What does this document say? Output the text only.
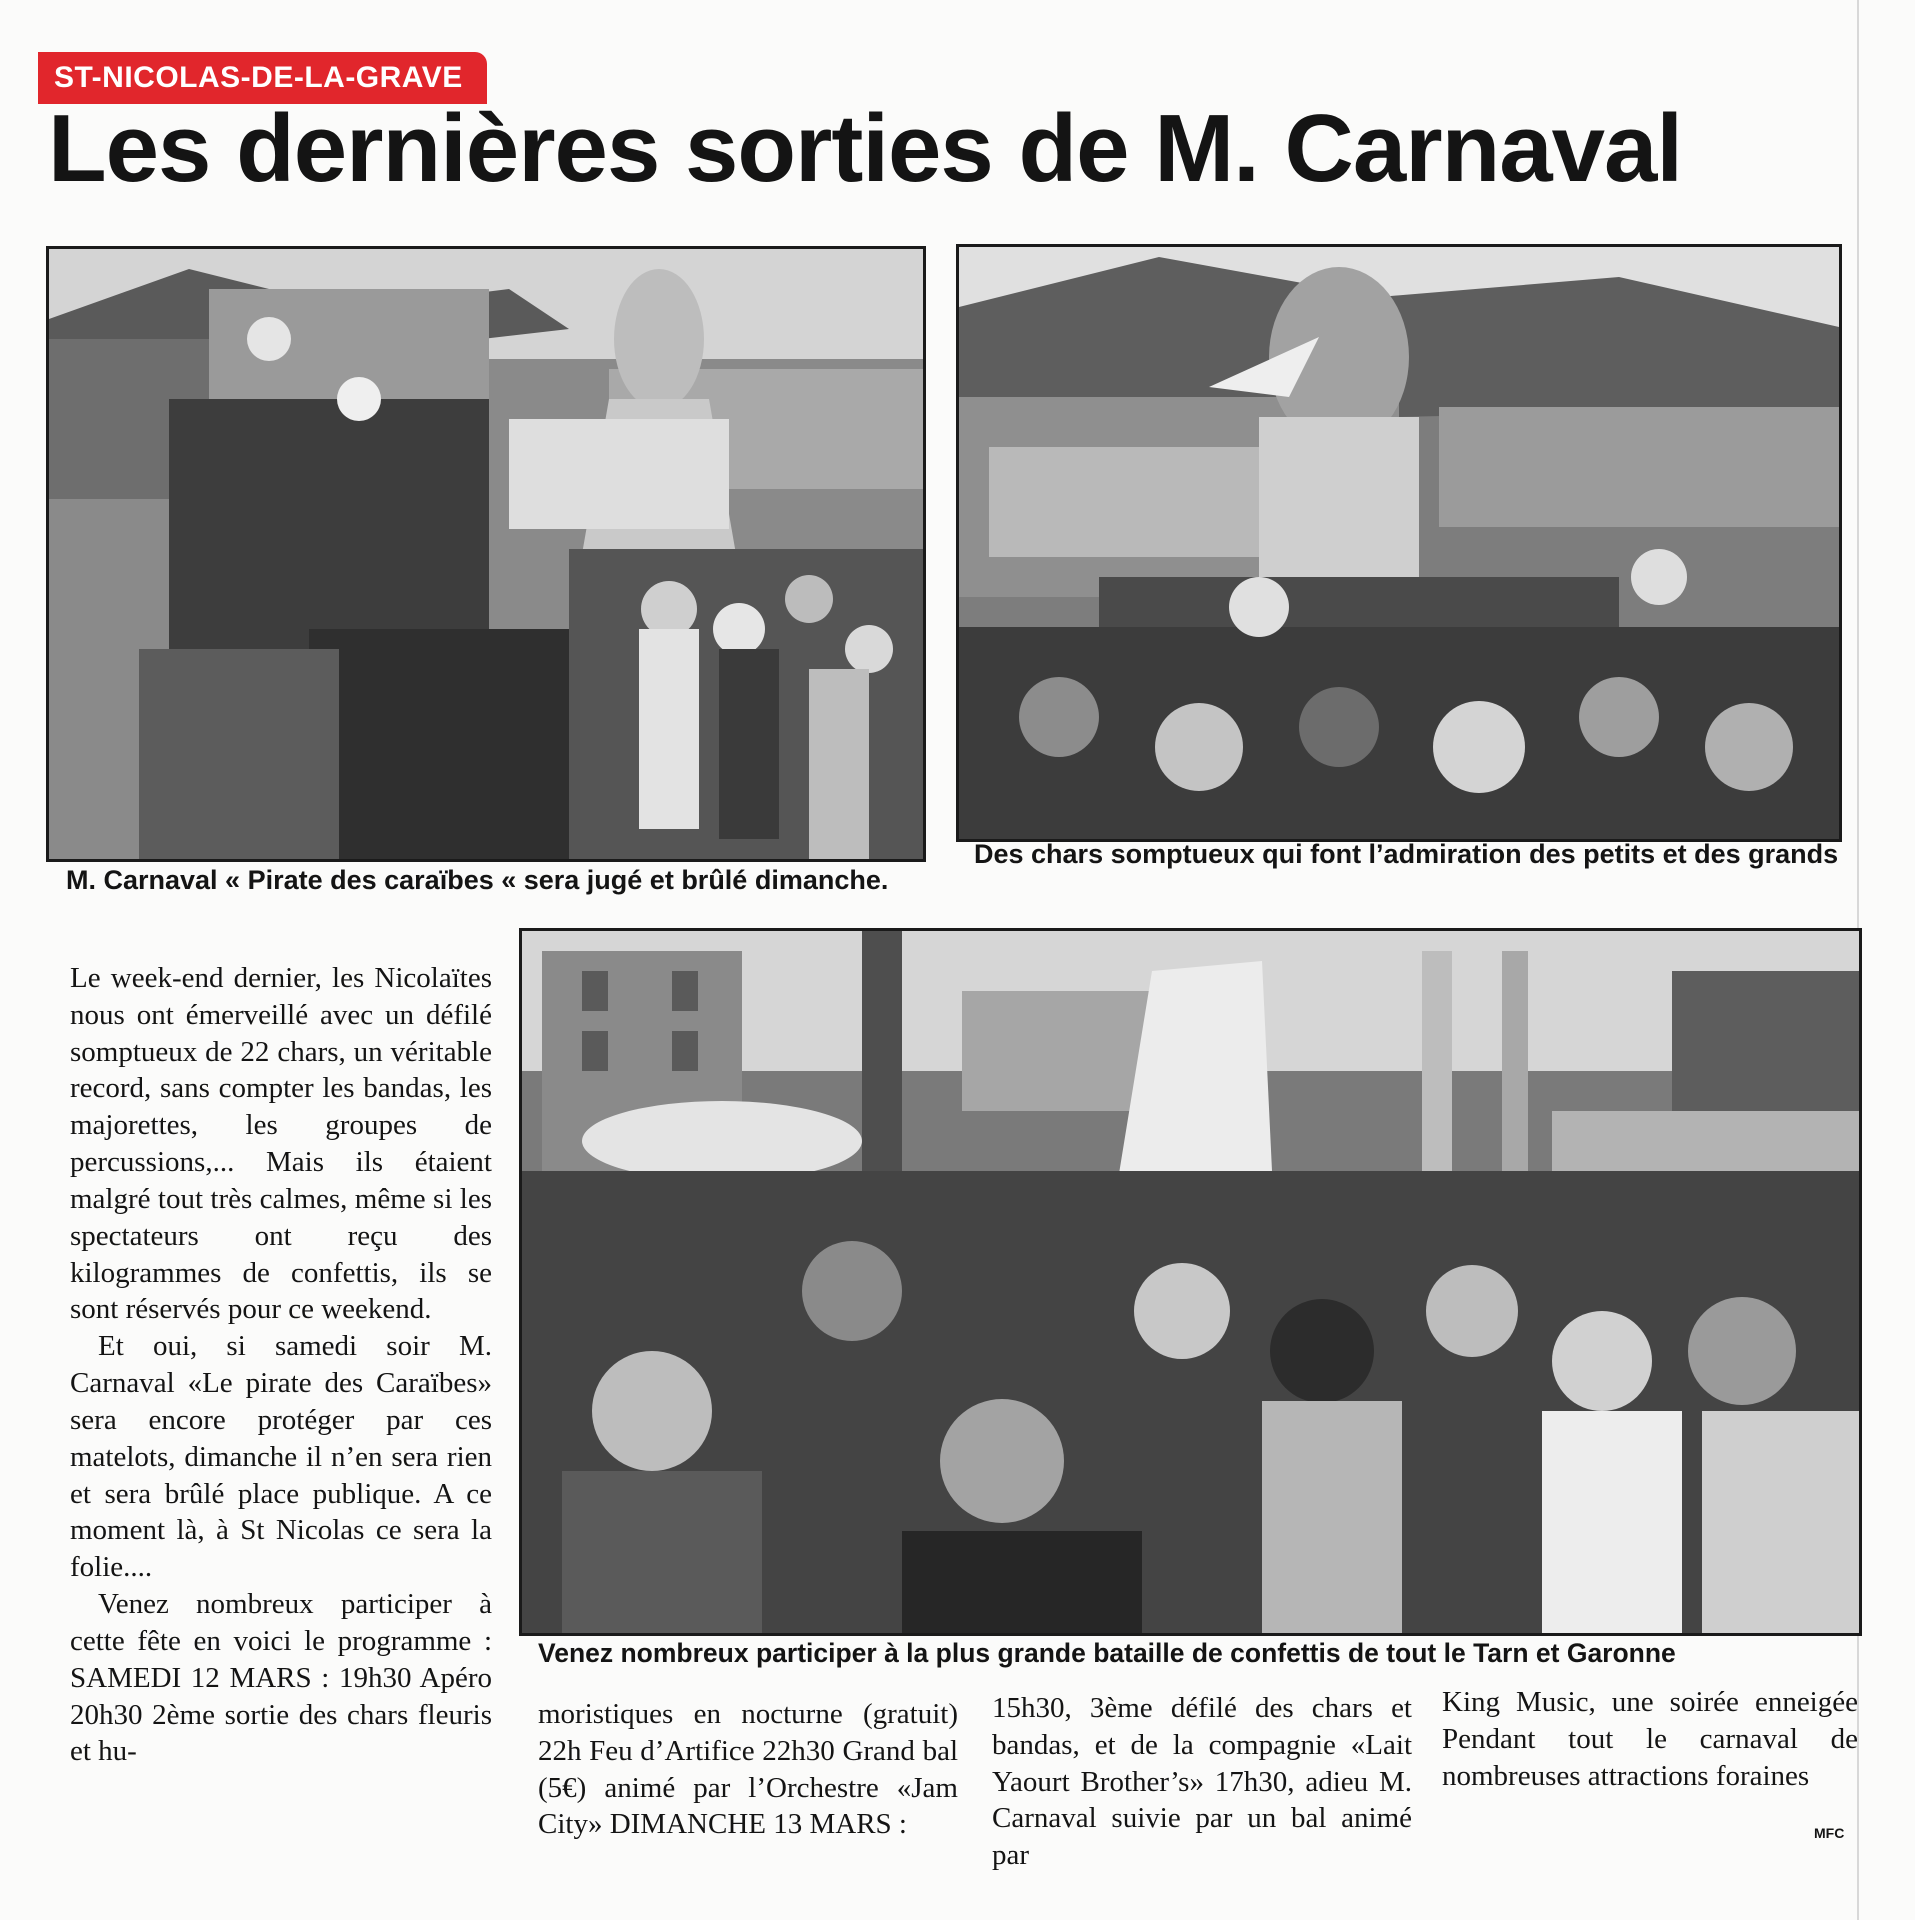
ST-NICOLAS-DE-LA-GRAVE
Les dernières sorties de M. Carnaval
M. Carnaval « Pirate des caraïbes « sera jugé et brûlé dimanche.
Des chars somptueux qui font l’admiration des petits et des grands
Venez nombreux participer à la plus grande bataille de confettis de tout le Tarn et Garonne

Le week-end dernier, les Nicolaïtes nous ont émerveillé avec un défilé somptueux de 22 chars, un véritable record, sans compter les bandas, les majorettes, les groupes de percussions,... Mais ils étaient malgré tout très calmes, même si les spectateurs ont reçu des kilogrammes de confettis, ils se sont réservés pour ce weekend.

Et oui, si samedi soir M. Carnaval «Le pirate des Caraïbes» sera encore protéger par ces matelots, dimanche il n’en sera rien et sera brûlé place publique. A ce moment là, à St Nicolas ce sera la folie....

Venez nombreux participer à cette fête en voici le programme : SAMEDI 12 MARS : 19h30 Apéro 20h30 2ème sortie des chars fleuris et hu-

moristiques en nocturne (gratuit) 22h Feu d’Artifice 22h30 Grand bal (5€) animé par l’Orchestre «Jam City» DIMANCHE 13 MARS :

15h30, 3ème défilé des chars et bandas, et de la compagnie «Lait Yaourt Brother’s» 17h30, adieu M. Carnaval suivie par un bal animé par

King Music, une soirée enneigée Pendant tout le carnaval de nombreuses attractions foraines

MFC
